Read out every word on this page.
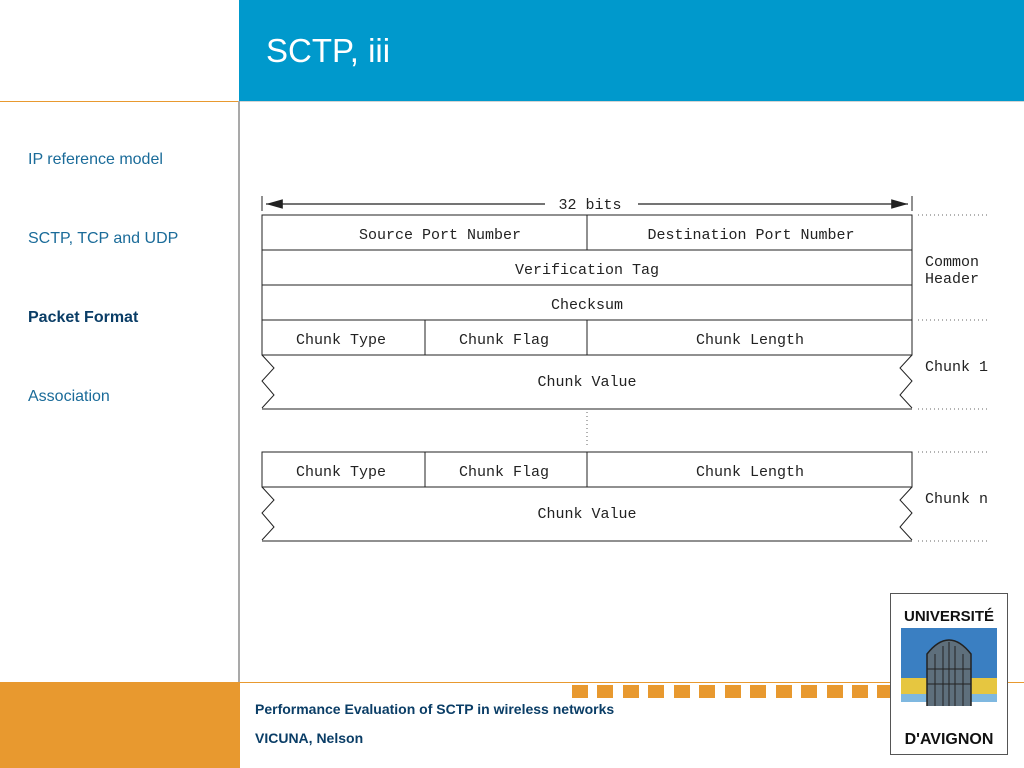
SCTP, iii
IP reference model
SCTP, TCP and UDP
Packet Format
Association
32 bits
Source Port Number	Destination Port Number
Verification Tag
Checksum
Chunk Type	Chunk Flag	Chunk Length
Chunk Value
Chunk Type	Chunk Flag	Chunk Length
Chunk Value
Common
Header
Chunk 1
Chunk n
Performance Evaluation of SCTP in wireless networks
VICUNA, Nelson
UNIVERSITÉ
D'AVIGNON
